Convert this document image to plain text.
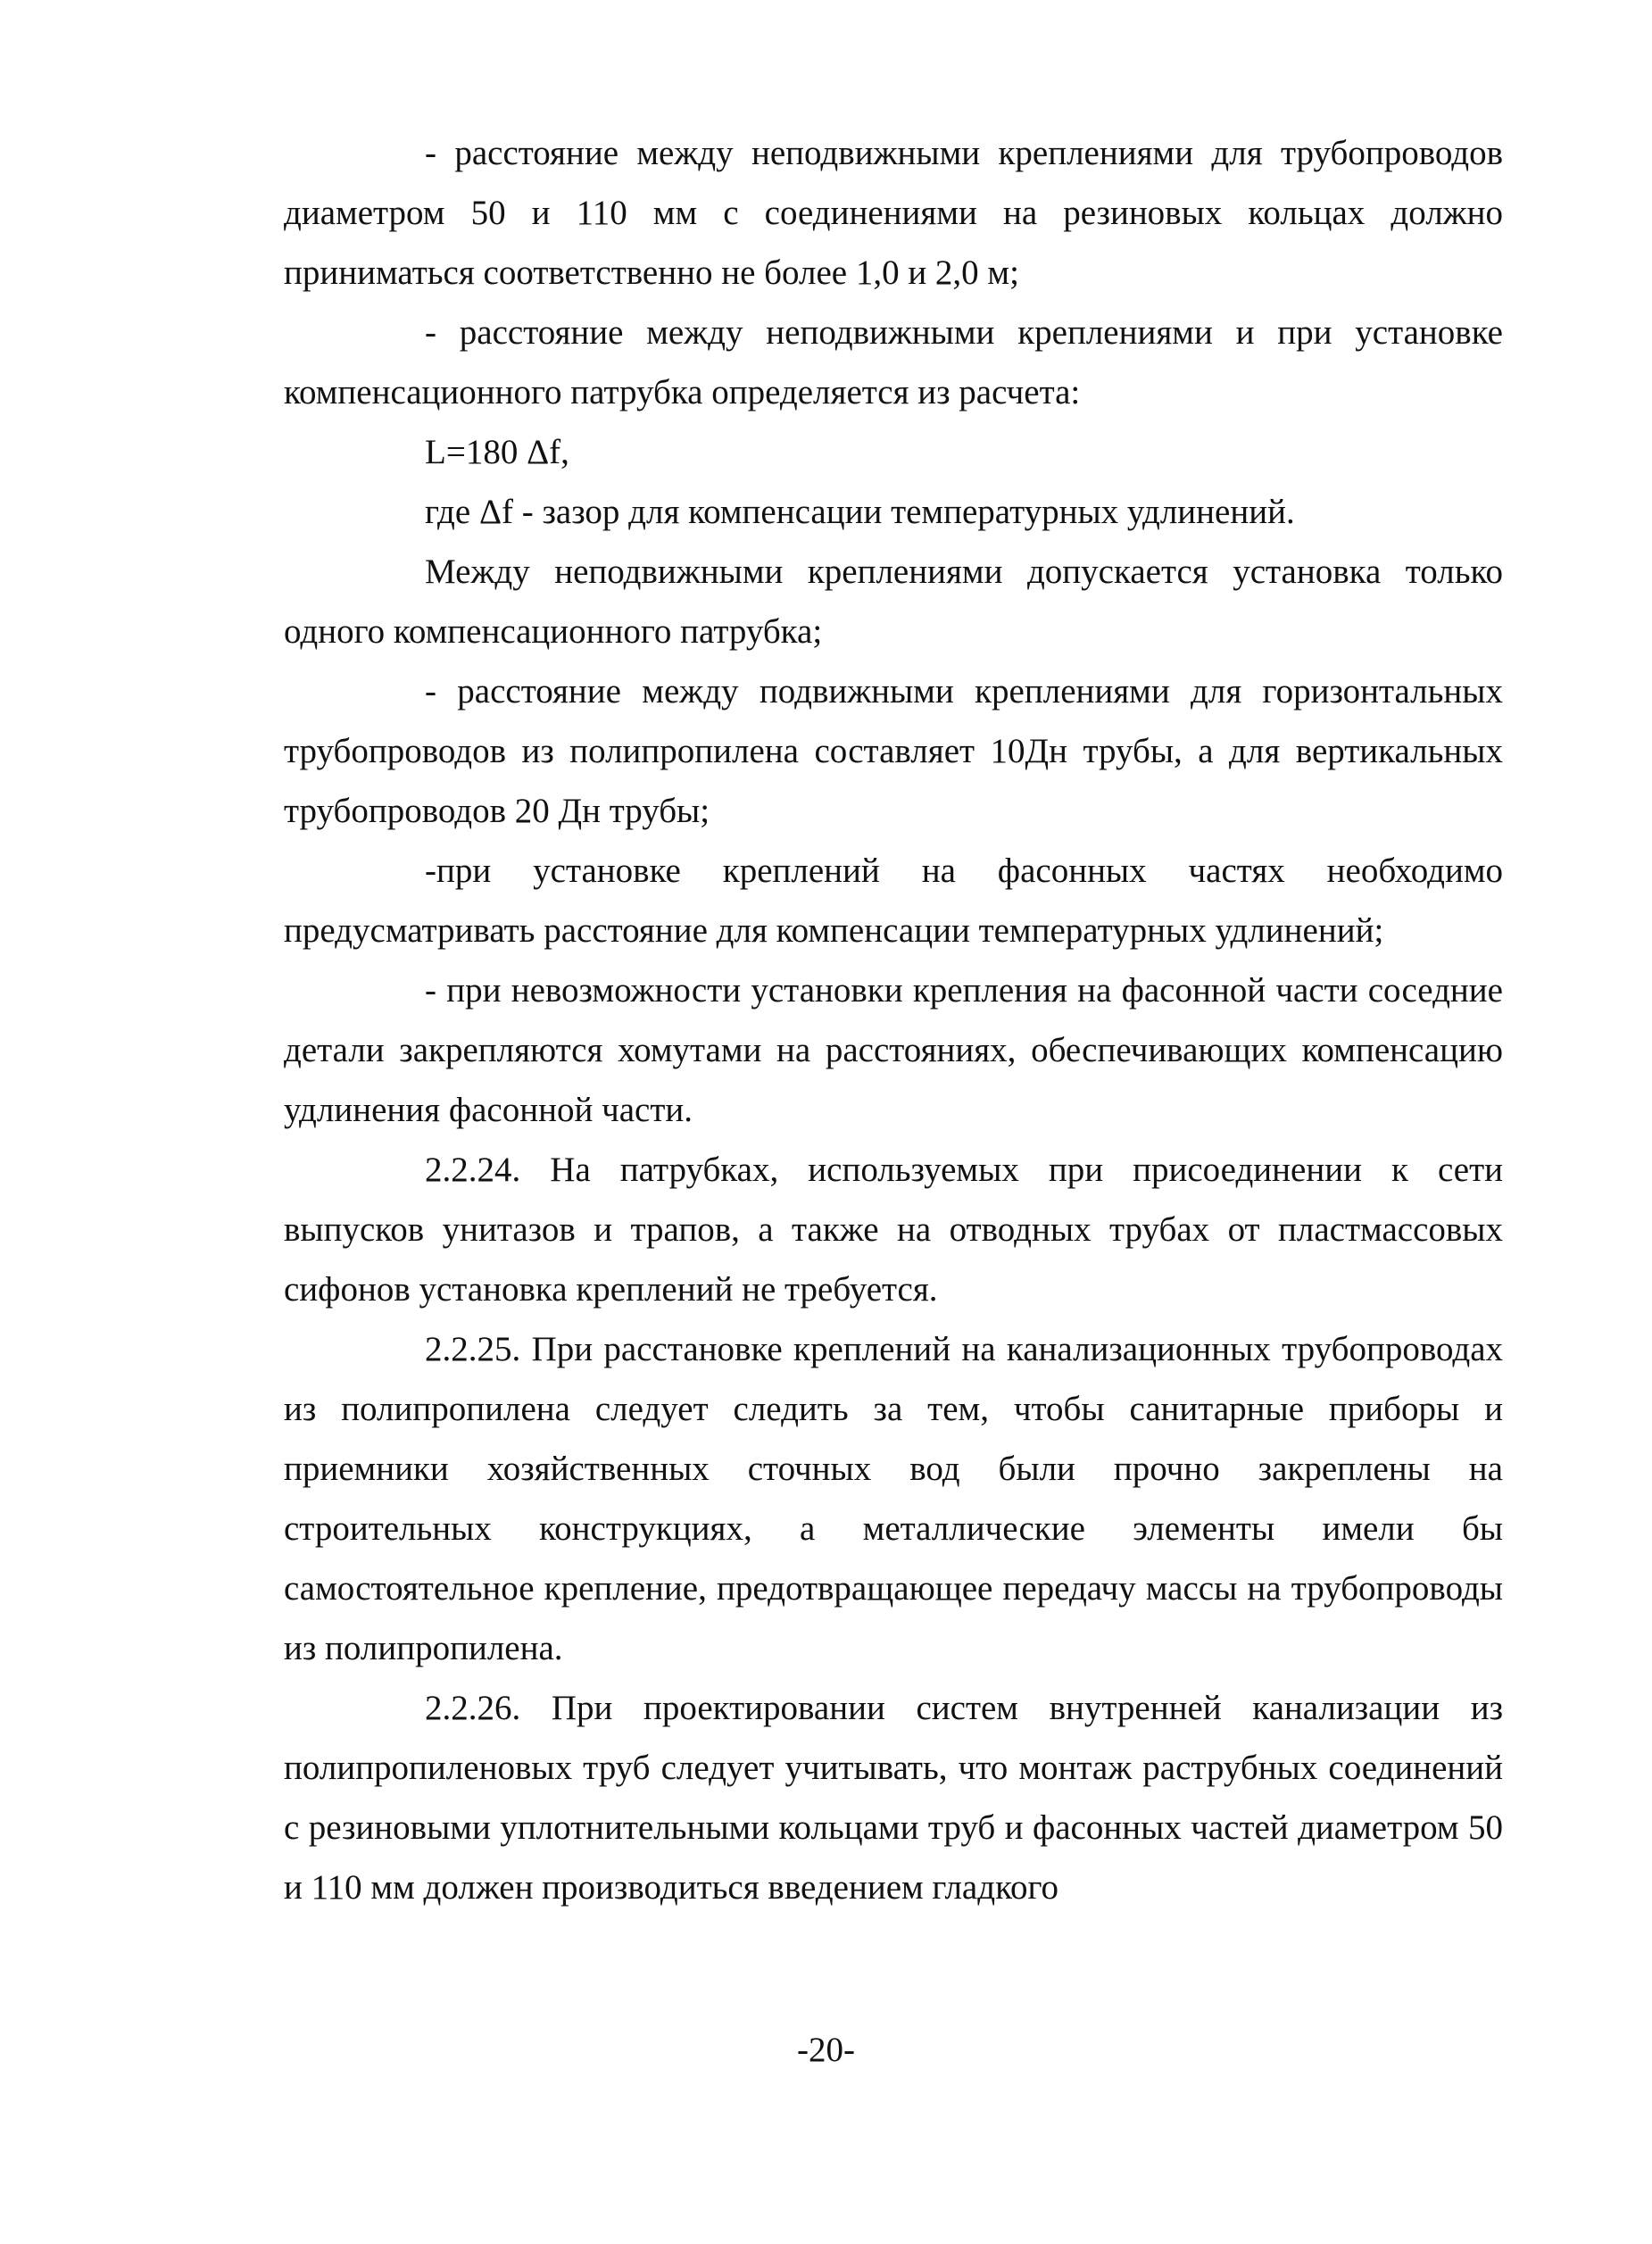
- расстояние между неподвижными креплениями для трубопроводов диаметром 50 и 110 мм с соединениями на резиновых кольцах должно приниматься соответственно не более 1,0 и 2,0 м;

- расстояние между неподвижными креплениями и при установке компенсационного патрубка определяется из расчета:

L=180 Δf,

где Δf - зазор для компенсации температурных удлинений.

Между неподвижными креплениями допускается установка только одного компенсационного патрубка;

- расстояние между подвижными креплениями для горизонтальных трубопроводов из полипропилена составляет 10Дн трубы, а для вертикальных трубопроводов 20 Дн трубы;

-при установке креплений на фасонных частях необходимо предусматривать расстояние для компенсации температурных удлинений;

- при невозможности установки крепления на фасонной части соседние детали закрепляются хомутами на расстояниях, обеспечивающих компенсацию удлинения фасонной части.

2.2.24. На патрубках, используемых при присоединении к сети выпусков унитазов и трапов, а также на отводных трубах от пластмассовых сифонов установка креплений не требуется.

2.2.25. При расстановке креплений на канализационных трубопроводах из полипропилена следует следить за тем, чтобы санитарные приборы и приемники хозяйственных сточных вод были прочно закреплены на строительных конструкциях, а металлические элементы имели бы самостоятельное крепление, предотвращающее передачу массы на трубопроводы из полипропилена.

2.2.26. При проектировании систем внутренней канализации из полипропиленовых труб следует учитывать, что монтаж раструбных соединений с резиновыми уплотнительными кольцами труб и фасонных частей диаметром 50 и 110 мм должен производиться введением гладкого

-20-
